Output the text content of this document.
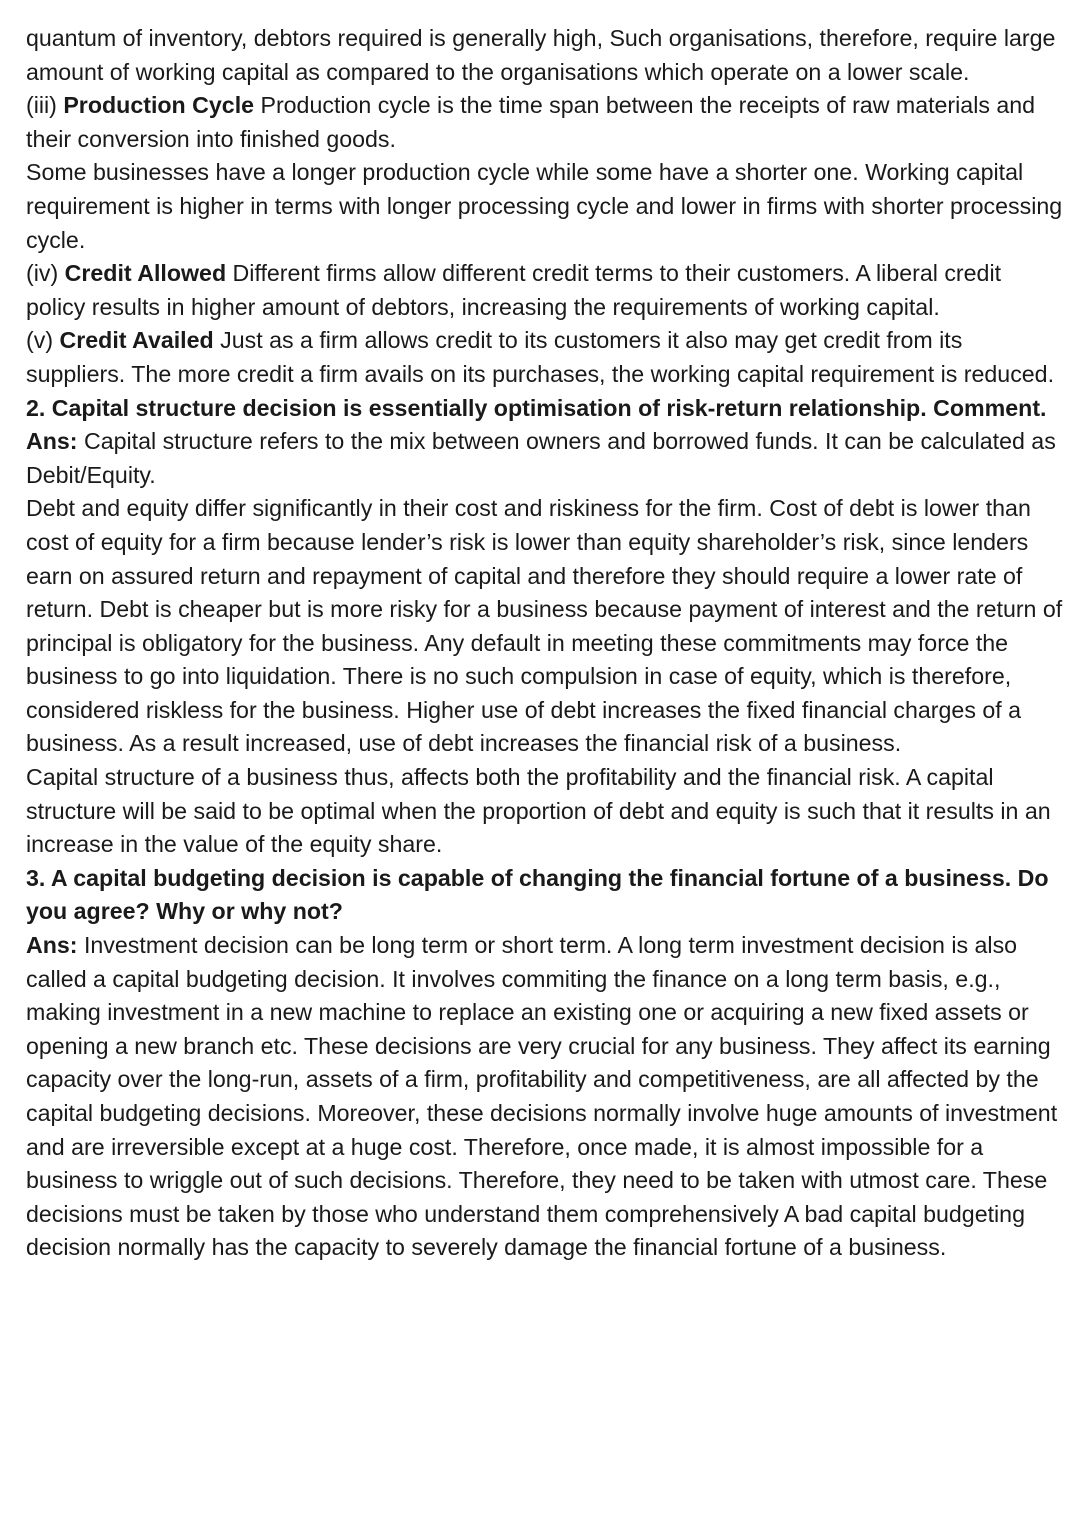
quantum of inventory, debtors required is generally high, Such organisations, therefore, require large amount of working capital as compared to the organisations which operate on a lower scale.

(iii) Production Cycle Production cycle is the time span between the receipts of raw materials and their conversion into finished goods.

Some businesses have a longer production cycle while some have a shorter one. Working capital requirement is higher in terms with longer processing cycle and lower in firms with shorter processing cycle.

(iv) Credit Allowed Different firms allow different credit terms to their customers. A liberal credit policy results in higher amount of debtors, increasing the requirements of working capital.

(v) Credit Availed Just as a firm allows credit to its customers it also may get credit from its suppliers. The more credit a firm avails on its purchases, the working capital requirement is reduced.

2. Capital structure decision is essentially optimisation of risk-return relationship. Comment.

Ans: Capital structure refers to the mix between owners and borrowed funds. It can be calculated as Debit/Equity.

Debt and equity differ significantly in their cost and riskiness for the firm. Cost of debt is lower than cost of equity for a firm because lender’s risk is lower than equity shareholder’s risk, since lenders earn on assured return and repayment of capital and therefore they should require a lower rate of return. Debt is cheaper but is more risky for a business because payment of interest and the return of principal is obligatory for the business. Any default in meeting these commitments may force the business to go into liquidation. There is no such compulsion in case of equity, which is therefore, considered riskless for the business. Higher use of debt increases the fixed financial charges of a business. As a result increased, use of debt increases the financial risk of a business.

Capital structure of a business thus, affects both the profitability and the financial risk. A capital structure will be said to be optimal when the proportion of debt and equity is such that it results in an increase in the value of the equity share.

3. A capital budgeting decision is capable of changing the financial fortune of a business. Do you agree? Why or why not?

Ans: Investment decision can be long term or short term. A long term investment decision is also called a capital budgeting decision. It involves commiting the finance on a long term basis, e.g., making investment in a new machine to replace an existing one or acquiring a new fixed assets or opening a new branch etc. These decisions are very crucial for any business. They affect its earning capacity over the long-run, assets of a firm, profitability and competitiveness, are all affected by the capital budgeting decisions. Moreover, these decisions normally involve huge amounts of investment and are irreversible except at a huge cost. Therefore, once made, it is almost impossible for a business to wriggle out of such decisions. Therefore, they need to be taken with utmost care. These decisions must be taken by those who understand them comprehensively A bad capital budgeting decision normally has the capacity to severely damage the financial fortune of a business.
